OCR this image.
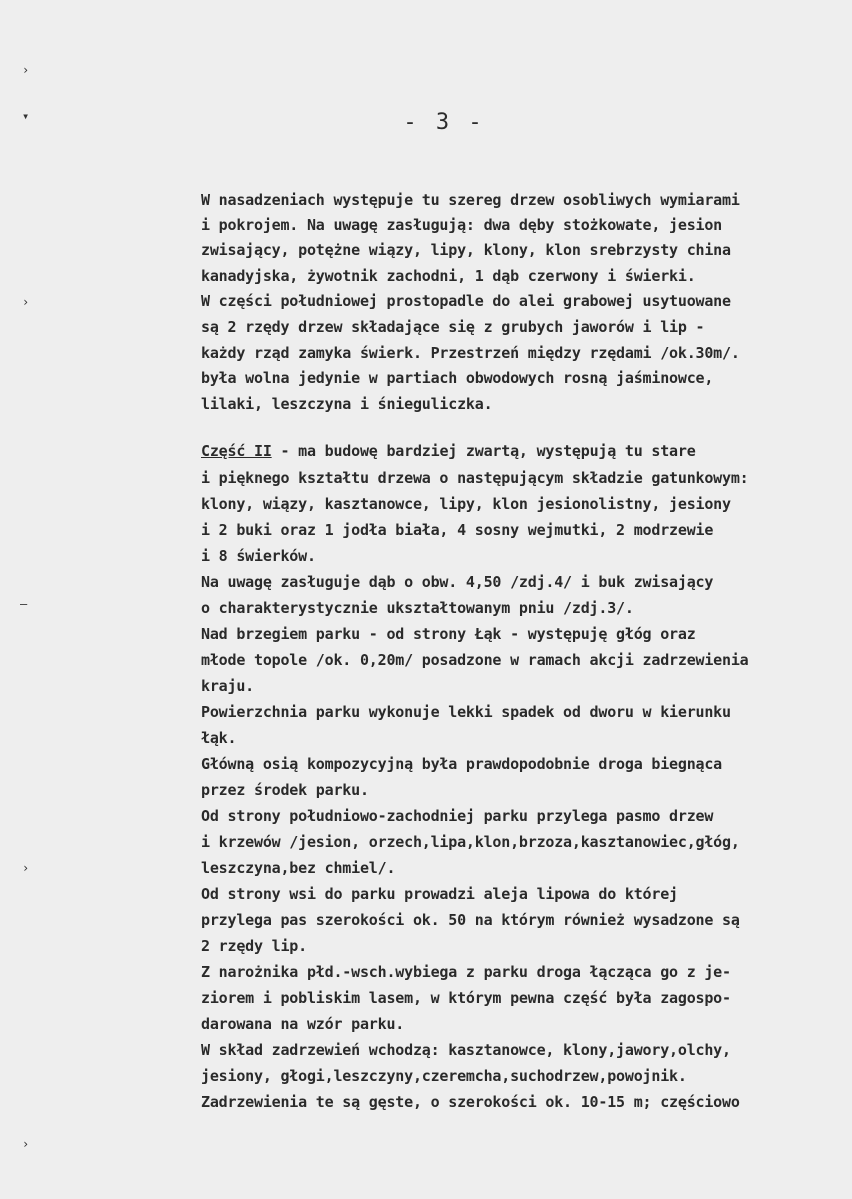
›
▾
›
–
›
›
- 3 -
W nasadzeniach występuje tu szereg drzew osobliwych wymiarami
i pokrojem. Na uwagę zasługują: dwa dęby stożkowate, jesion
zwisający, potężne wiązy, lipy, klony, klon srebrzysty china
kanadyjska, żywotnik zachodni, 1 dąb czerwony i świerki.
W części południowej prostopadle do alei grabowej usytuowane
są 2 rzędy drzew składające się z grubych jaworów i lip -
każdy rząd zamyka świerk. Przestrzeń między rzędami /ok.30m/.
była wolna jedynie w partiach obwodowych rosną jaśminowce,
lilaki, leszczyna i śnieguliczka.
Część II - ma budowę bardziej zwartą, występują tu stare
i pięknego kształtu drzewa o następującym składzie gatunkowym:
klony, wiązy, kasztanowce, lipy, klon jesionolistny, jesiony
i 2 buki oraz 1 jodła biała, 4 sosny wejmutki, 2 modrzewie
i 8 świerków.
Na uwagę zasługuje dąb o obw. 4,50 /zdj.4/ i buk zwisający
o charakterystycznie ukształtowanym pniu /zdj.3/.
Nad brzegiem parku - od strony Łąk - występuję głóg oraz
młode topole /ok. 0,20m/ posadzone w ramach akcji zadrzewienia
kraju.
Powierzchnia parku wykonuje lekki spadek od dworu w kierunku
łąk.
Główną osią kompozycyjną była prawdopodobnie droga biegnąca
przez środek parku.
Od strony południowo-zachodniej parku przylega pasmo drzew
i krzewów /jesion, orzech,lipa,klon,brzoza,kasztanowiec,głóg,
leszczyna,bez chmiel/.
Od strony wsi do parku prowadzi aleja lipowa do której
przylega pas szerokości ok. 50 na którym również wysadzone są
2 rzędy lip.
Z narożnika płd.-wsch.wybiega z parku droga łącząca go z je-
ziorem i pobliskim lasem, w którym pewna część była zagospo-
darowana na wzór parku.
W skład zadrzewień wchodzą: kasztanowce, klony,jawory,olchy,
jesiony, głogi,leszczyny,czeremcha,suchodrzew,powojnik.
Zadrzewienia te są gęste, o szerokości ok. 10-15 m; częściowo
